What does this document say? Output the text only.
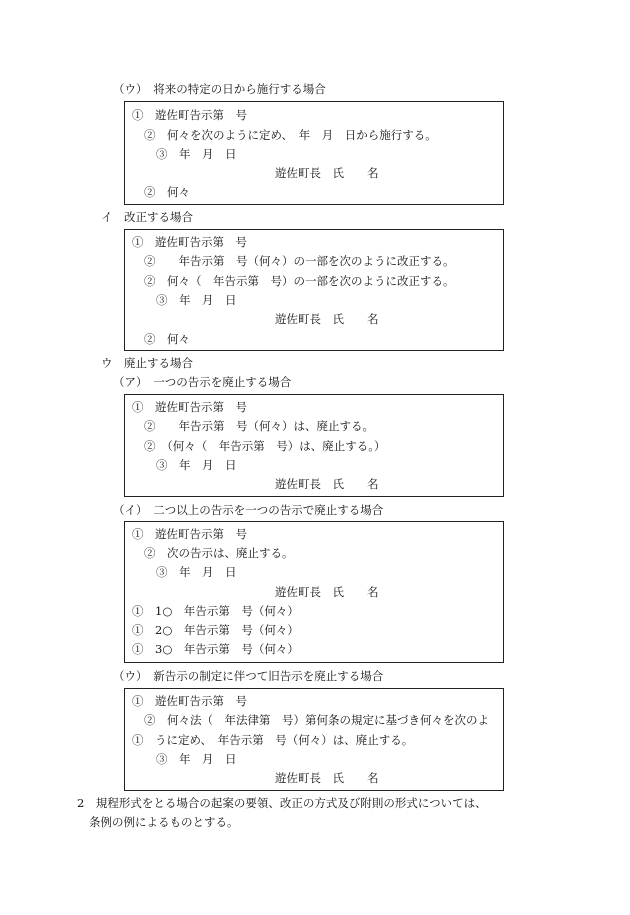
（ウ）　将来の特定の日から施行する場合
①　遊佐町告示第　号
②　何々を次のように定め、　年　月　日から施行する。
③　年　月　日
遊佐町長　氏　　名
②　何々
イ　改正する場合
①　遊佐町告示第　号
②　　年告示第　号（何々）の一部を次のように改正する。
②　何々（　年告示第　号）の一部を次のように改正する。
③　年　月　日
遊佐町長　氏　　名
②　何々
ウ　廃止する場合
（ア）　一つの告示を廃止する場合
①　遊佐町告示第　号
②　　年告示第　号（何々）は、廃止する。
②　（何々（　年告示第　号）は、廃止する。）
③　年　月　日
遊佐町長　氏　　名
（イ）　二つ以上の告示を一つの告示で廃止する場合
①　遊佐町告示第　号
②　次の告示は、廃止する。
③　年　月　日
遊佐町長　氏　　名
①　1○　年告示第　号（何々）
①　2○　年告示第　号（何々）
①　3○　年告示第　号（何々）
（ウ）　新告示の制定に伴つて旧告示を廃止する場合
①　遊佐町告示第　号
②　何々法（　年法律第　号）第何条の規定に基づき何々を次のよ
①　うに定め、　年告示第　号（何々）は、廃止する。
③　年　月　日
遊佐町長　氏　　名
2　規程形式をとる場合の起案の要領、改正の方式及び附則の形式については、
条例の例によるものとする。
